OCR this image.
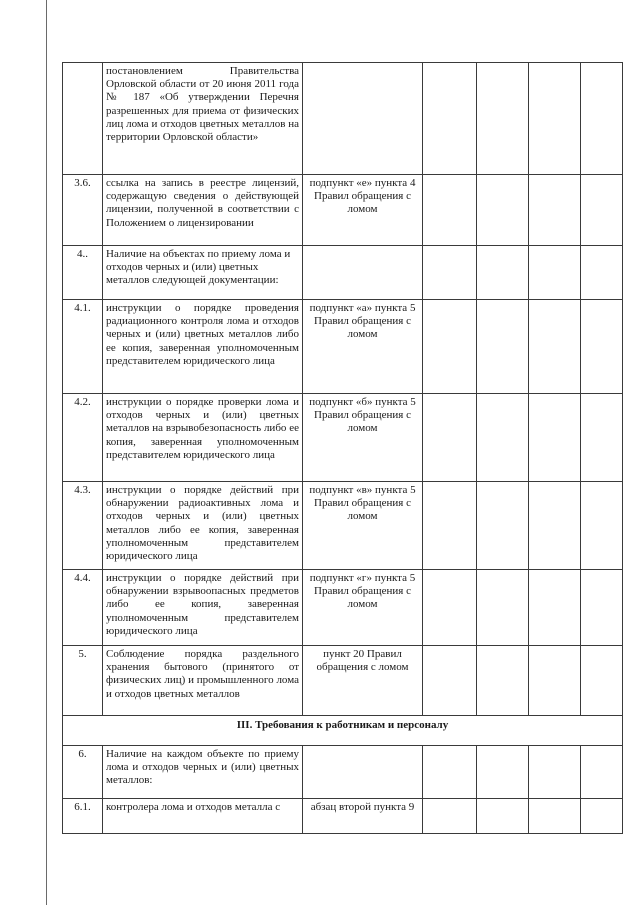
	постановлением Правительства Орловской области от 20 июня 2011 года № 187 «Об утверждении Перечня разрешенных для приема от физических лиц лома и отходов цветных металлов на территории Орловской области»					
3.6.	ссылка на запись в реестре лицензий, содержащую сведения о действующей лицензии, полученной в соответствии с Положением о лицензировании	подпункт «е» пункта 4 Правил обращения с ломом				
4..	Наличие на объектах по приему лома и отходов черных и (или) цветных металлов следующей документации:					
4.1.	инструкции о порядке проведения радиационного контроля лома и отходов черных и (или) цветных металлов либо ее копия, заверенная уполномоченным представителем юридического лица	подпункт «а» пункта 5 Правил обращения с ломом				
4.2.	инструкции о порядке проверки лома и отходов черных и (или) цветных металлов на взрывобезопасность либо ее копия, заверенная уполномоченным представителем юридического лица	подпункт «б» пункта 5 Правил обращения с ломом				
4.3.	инструкции о порядке действий при обнаружении радиоактивных лома и отходов черных и (или) цветных металлов либо ее копия, заверенная уполномоченным представителем юридического лица	подпункт «в» пункта 5 Правил обращения с ломом				
4.4.	инструкции о порядке действий при обнаружении взрывоопасных предметов либо ее копия, заверенная уполномоченным представителем юридического лица	подпункт «г» пункта 5 Правил обращения с ломом				
5.	Соблюдение порядка раздельного хранения бытового (принятого от физических лиц) и промышленного лома и отходов цветных металлов	пункт 20 Правил обращения с ломом				
III. Требования к работникам и персоналу						
6.	Наличие на каждом объекте по приему лома и отходов черных и (или) цветных металлов:					
6.1.	контролера лома и отходов металла с	абзац второй пункта 9				
